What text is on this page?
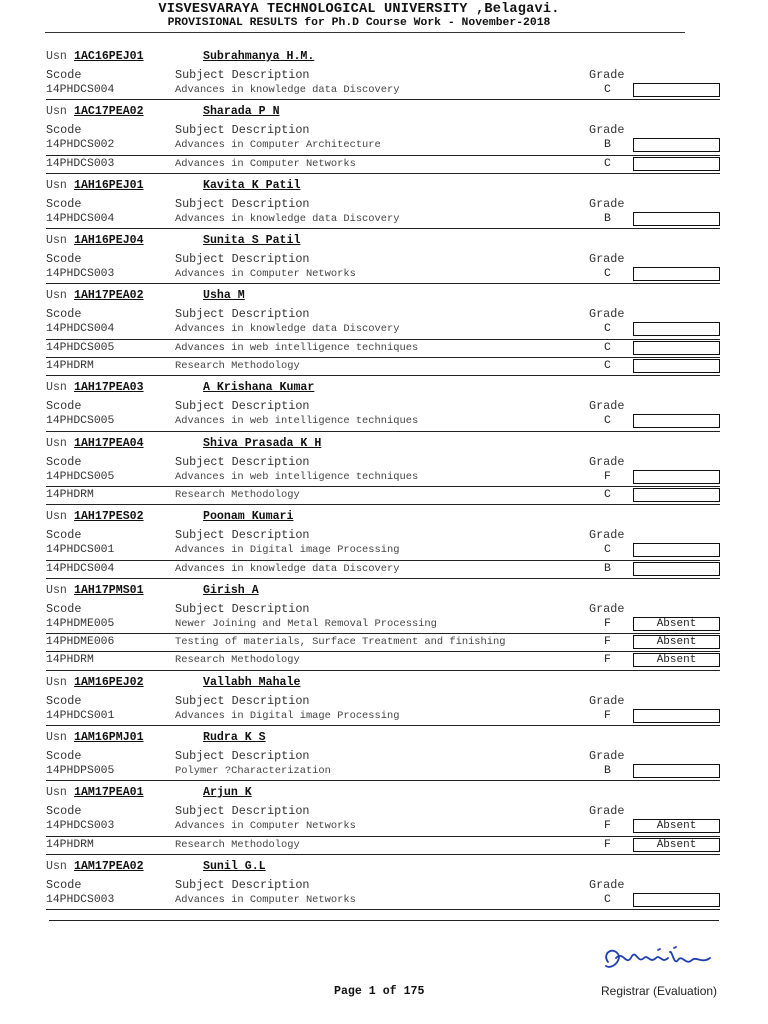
VISVESVARAYA TECHNOLOGICAL UNIVERSITY ,Belagavi.
PROVISIONAL RESULTS for Ph.D Course Work - November-2018
Usn 1AC16PEJ01	Subrahmanya H.M.
Scode	Subject Description	Grade
14PHDCS004	Advances in knowledge data Discovery	C
Usn 1AC17PEA02	Sharada P N
Scode	Subject Description	Grade
14PHDCS002	Advances in Computer Architecture	B
14PHDCS003	Advances in Computer Networks	C
Usn 1AH16PEJ01	Kavita K Patil
Scode	Subject Description	Grade
14PHDCS004	Advances in knowledge data Discovery	B
Usn 1AH16PEJ04	Sunita S Patil
Scode	Subject Description	Grade
14PHDCS003	Advances in Computer Networks	C
Usn 1AH17PEA02	Usha M
Scode	Subject Description	Grade
14PHDCS004	Advances in knowledge data Discovery	C
14PHDCS005	Advances in web intelligence techniques	C
14PHDRM	Research Methodology	C
Usn 1AH17PEA03	A Krishana Kumar
Scode	Subject Description	Grade
14PHDCS005	Advances in web intelligence techniques	C
Usn 1AH17PEA04	Shiva Prasada K H
Scode	Subject Description	Grade
14PHDCS005	Advances in web intelligence techniques	F
14PHDRM	Research Methodology	C
Usn 1AH17PES02	Poonam Kumari
Scode	Subject Description	Grade
14PHDCS001	Advances in Digital image Processing	C
14PHDCS004	Advances in knowledge data Discovery	B
Usn 1AH17PMS01	Girish A
Scode	Subject Description	Grade
14PHDME005	Newer Joining and Metal Removal Processing	F	Absent
14PHDME006	Testing of materials, Surface Treatment and finishing	F	Absent
14PHDRM	Research Methodology	F	Absent
Usn 1AM16PEJ02	Vallabh Mahale
Scode	Subject Description	Grade
14PHDCS001	Advances in Digital image Processing	F
Usn 1AM16PMJ01	Rudra K S
Scode	Subject Description	Grade
14PHDPS005	Polymer ?Characterization	B
Usn 1AM17PEA01	Arjun K
Scode	Subject Description	Grade
14PHDCS003	Advances in Computer Networks	F	Absent
14PHDRM	Research Methodology	F	Absent
Usn 1AM17PEA02	Sunil G.L
Scode	Subject Description	Grade
14PHDCS003	Advances in Computer Networks	C
Registrar (Evaluation)
Page 1 of 175
